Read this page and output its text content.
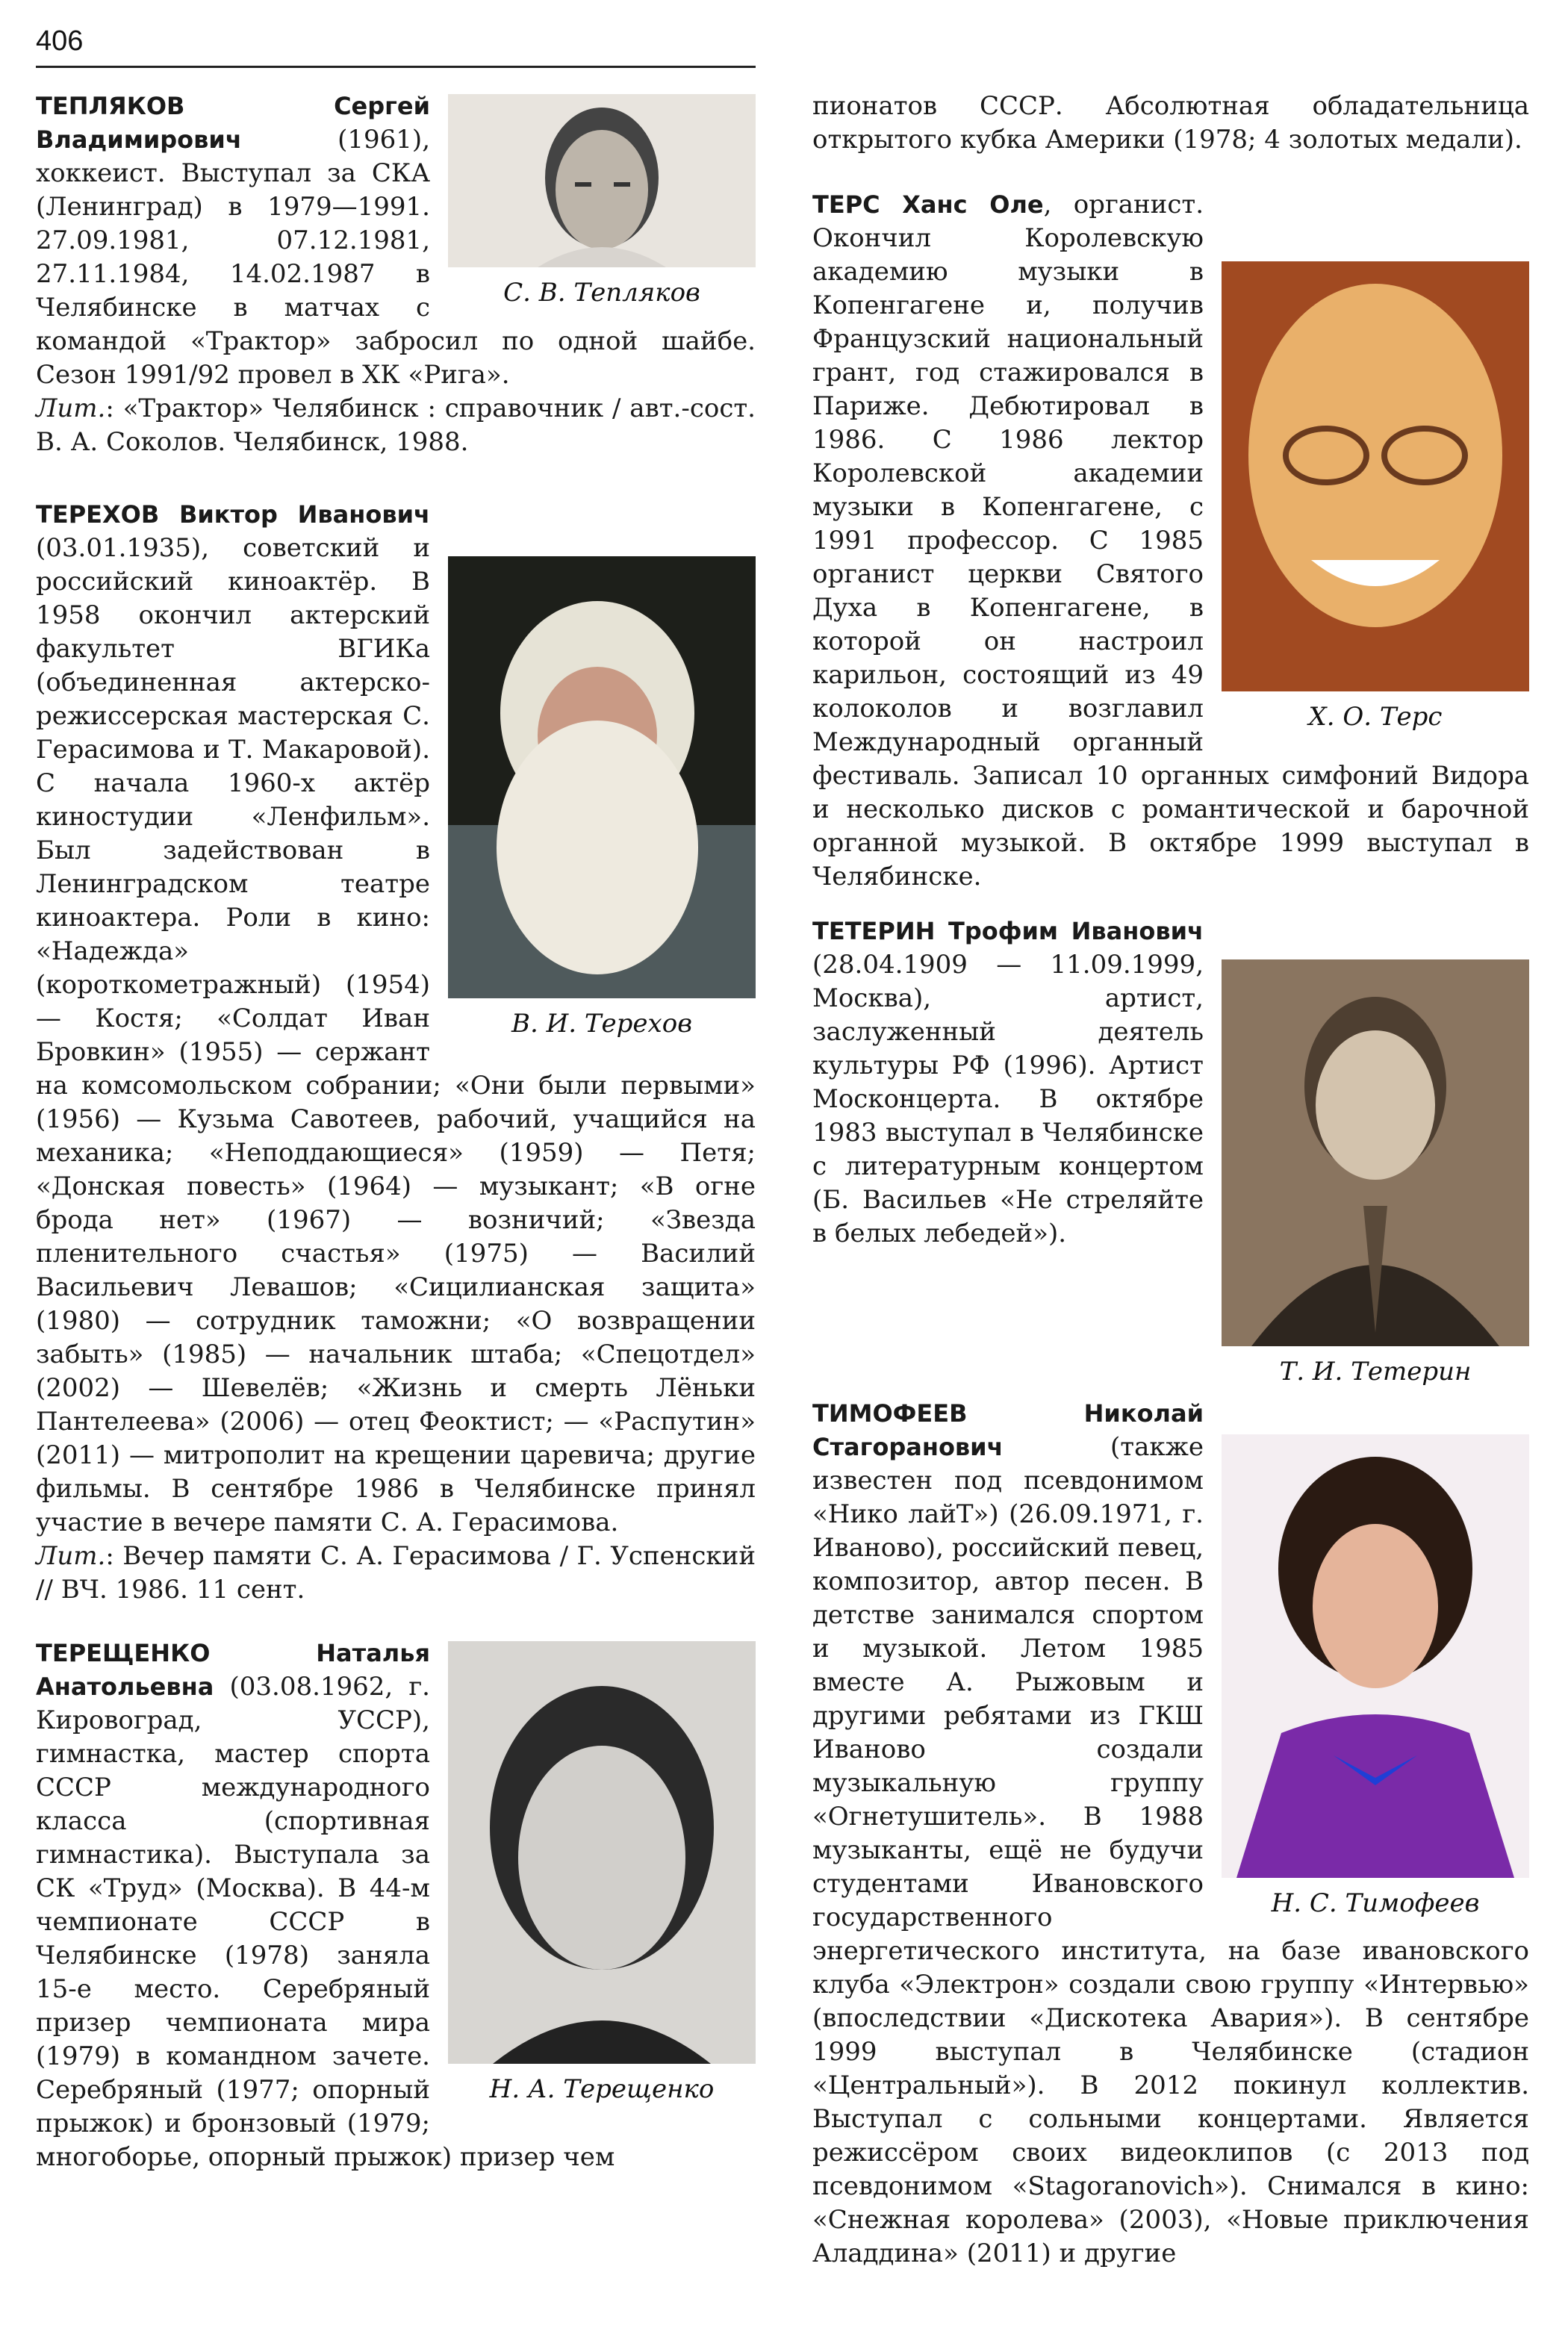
406
С. В. Тепляков
ТЕПЛЯКОВ Сергей Владимирович (1961), хоккеист. Выступал за СКА (Ленинград) в 1979—1991. 27.09.1981, 07.12.1981, 27.11.1984, 14.02.1987 в Челябинске в матчах с командой «Трактор» забросил по одной шайбе. Сезон 1991/92 провел в ХК «Рига».
Лит.: «Трактор» Челябинск : справочник / авт.-сост. В. А. Соколов. Челябинск, 1988.
В. И. Терехов
ТЕРЕХОВ Виктор Иванович (03.01.1935), советский и российский киноактёр. В 1958 окончил актерский факультет ВГИКа (объединенная актерско-режиссерская мастерская С. Герасимова и Т. Макаровой). С начала 1960-х актёр киностудии «Ленфильм». Был задействован в Ленинградском театре киноактера. Роли в кино: «Надежда» (короткометражный) (1954) — Костя; «Солдат Иван Бровкин» (1955) — сержант на комсомольском собрании; «Они были первыми» (1956) — Кузьма Савотеев, рабочий, учащийся на механика; «Неподдающиеся» (1959) — Петя; «Донская повесть» (1964) — музыкант; «В огне брода нет» (1967) — возничий; «Звезда пленительного счастья» (1975) — Василий Васильевич Левашов; «Сицилианская защита» (1980) — сотрудник таможни; «О возвращении забыть» (1985) — начальник штаба; «Спецотдел» (2002) — Шевелёв; «Жизнь и смерть Лёньки Пантелеева» (2006) — отец Феоктист; — «Распутин» (2011) — митрополит на крещении царевича; другие фильмы. В сентябре 1986 в Челябинске принял участие в вечере памяти С. А. Герасимова.
Лит.: Вечер памяти С. А. Герасимова / Г. Успенский // ВЧ. 1986. 11 сент.
Н. А. Терещенко
ТЕРЕЩЕНКО Наталья Анатольевна (03.08.1962, г. Кировоград, УССР), гимнастка, мастер спорта СССР международного класса (спортивная гимнастика). Выступала за СК «Труд» (Москва). В 44-м чемпионате СССР в Челябинске (1978) заняла 15-е место. Серебряный призер чемпионата мира (1979) в командном зачете. Серебряный (1977; опорный прыжок) и бронзовый (1979; многоборье, опорный прыжок) призер чем
пионатов СССР. Абсолютная обладательница открытого кубка Америки (1978; 4 золотых медали).
Х. О. Терс
ТЕРС Ханс Оле, органист. Окончил Королевскую академию музыки в Копенгагене и, получив Французский национальный грант, год стажировался в Париже. Дебютировал в 1986. С 1986 лектор Королевской академии музыки в Копенгагене, с 1991 профессор. С 1985 органист церкви Святого Духа в Копенгагене, в которой он настроил карильон, состоящий из 49 колоколов и возглавил Международный органный фестиваль. Записал 10 органных симфоний Видора и несколько дисков с романтической и барочной органной музыкой. В октябре 1999 выступал в Челябинске.
Т. И. Тетерин
ТЕТЕРИН Трофим Иванович (28.04.1909 — 11.09.1999, Москва), артист, заслуженный деятель культуры РФ (1996). Артист Москонцерта. В октябре 1983 выступал в Челябинске с литературным концертом (Б. Васильев «Не стреляйте в белых лебедей»).
Н. С. Тимофеев
ТИМОФЕЕВ Николай Стагоранович (также известен под псевдонимом «Нико лайТ») (26.09.1971, г. Иваново), российский певец, композитор, автор песен. В детстве занимался спортом и музыкой. Летом 1985 вместе А. Рыжовым и другими ребятами из ГКШ Иваново создали музыкальную группу «Огнетушитель». В 1988 музыканты, ещё не будучи студентами Ивановского государственного энергетического института, на базе ивановского клуба «Электрон» создали свою группу «Интервью» (впоследствии «Дискотека Авария»). В сентябре 1999 выступал в Челябинске (стадион «Центральный»). В 2012 покинул коллектив. Выступал с сольными концертами. Является режиссёром своих видеоклипов (с 2013 под псевдонимом «Stagoranovich»). Снимался в кино: «Снежная королева» (2003), «Новые приключения Аладдина» (2011) и другие
